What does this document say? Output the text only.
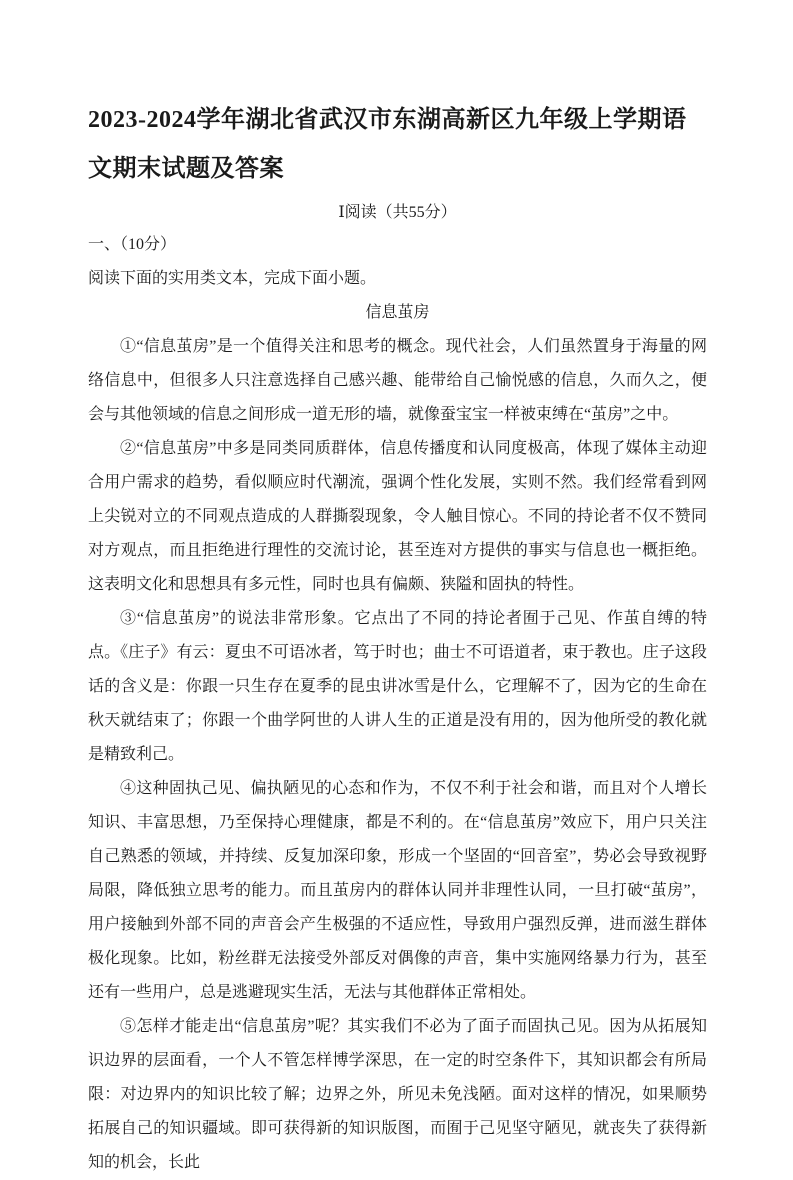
2023-2024学年湖北省武汉市东湖高新区九年级上学期语文期末试题及答案
Ⅰ阅读（共55分）
一、（10分）
阅读下面的实用类文本，完成下面小题。
信息茧房

①“信息茧房”是一个值得关注和思考的概念。现代社会，人们虽然置身于海量的网络信息中，但很多人只注意选择自己感兴趣、能带给自己愉悦感的信息，久而久之，便会与其他领域的信息之间形成一道无形的墙，就像蚕宝宝一样被束缚在“茧房”之中。

②“信息茧房”中多是同类同质群体，信息传播度和认同度极高，体现了媒体主动迎合用户需求的趋势，看似顺应时代潮流，强调个性化发展，实则不然。我们经常看到网上尖锐对立的不同观点造成的人群撕裂现象，令人触目惊心。不同的持论者不仅不赞同对方观点，而且拒绝进行理性的交流讨论，甚至连对方提供的事实与信息也一概拒绝。这表明文化和思想具有多元性，同时也具有偏颇、狭隘和固执的特性。

③“信息茧房”的说法非常形象。它点出了不同的持论者囿于己见、作茧自缚的特点。《庄子》有云：夏虫不可语冰者，笃于时也；曲士不可语道者，束于教也。庄子这段话的含义是：你跟一只生存在夏季的昆虫讲冰雪是什么，它理解不了，因为它的生命在秋天就结束了；你跟一个曲学阿世的人讲人生的正道是没有用的，因为他所受的教化就是精致利己。

④这种固执己见、偏执陋见的心态和作为，不仅不利于社会和谐，而且对个人增长知识、丰富思想，乃至保持心理健康，都是不利的。在“信息茧房”效应下，用户只关注自己熟悉的领域，并持续、反复加深印象，形成一个坚固的“回音室”，势必会导致视野局限，降低独立思考的能力。而且茧房内的群体认同并非理性认同，一旦打破“茧房”，用户接触到外部不同的声音会产生极强的不适应性，导致用户强烈反弹，进而滋生群体极化现象。比如，粉丝群无法接受外部反对偶像的声音，集中实施网络暴力行为，甚至还有一些用户，总是逃避现实生活，无法与其他群体正常相处。

⑤怎样才能走出“信息茧房”呢？其实我们不必为了面子而固执己见。因为从拓展知识边界的层面看，一个人不管怎样博学深思，在一定的时空条件下，其知识都会有所局限：对边界内的知识比较了解；边界之外，所见未免浅陋。面对这样的情况，如果顺势拓展自己的知识疆域。即可获得新的知识版图，而囿于己见坚守陋见，就丧失了获得新知的机会，长此
